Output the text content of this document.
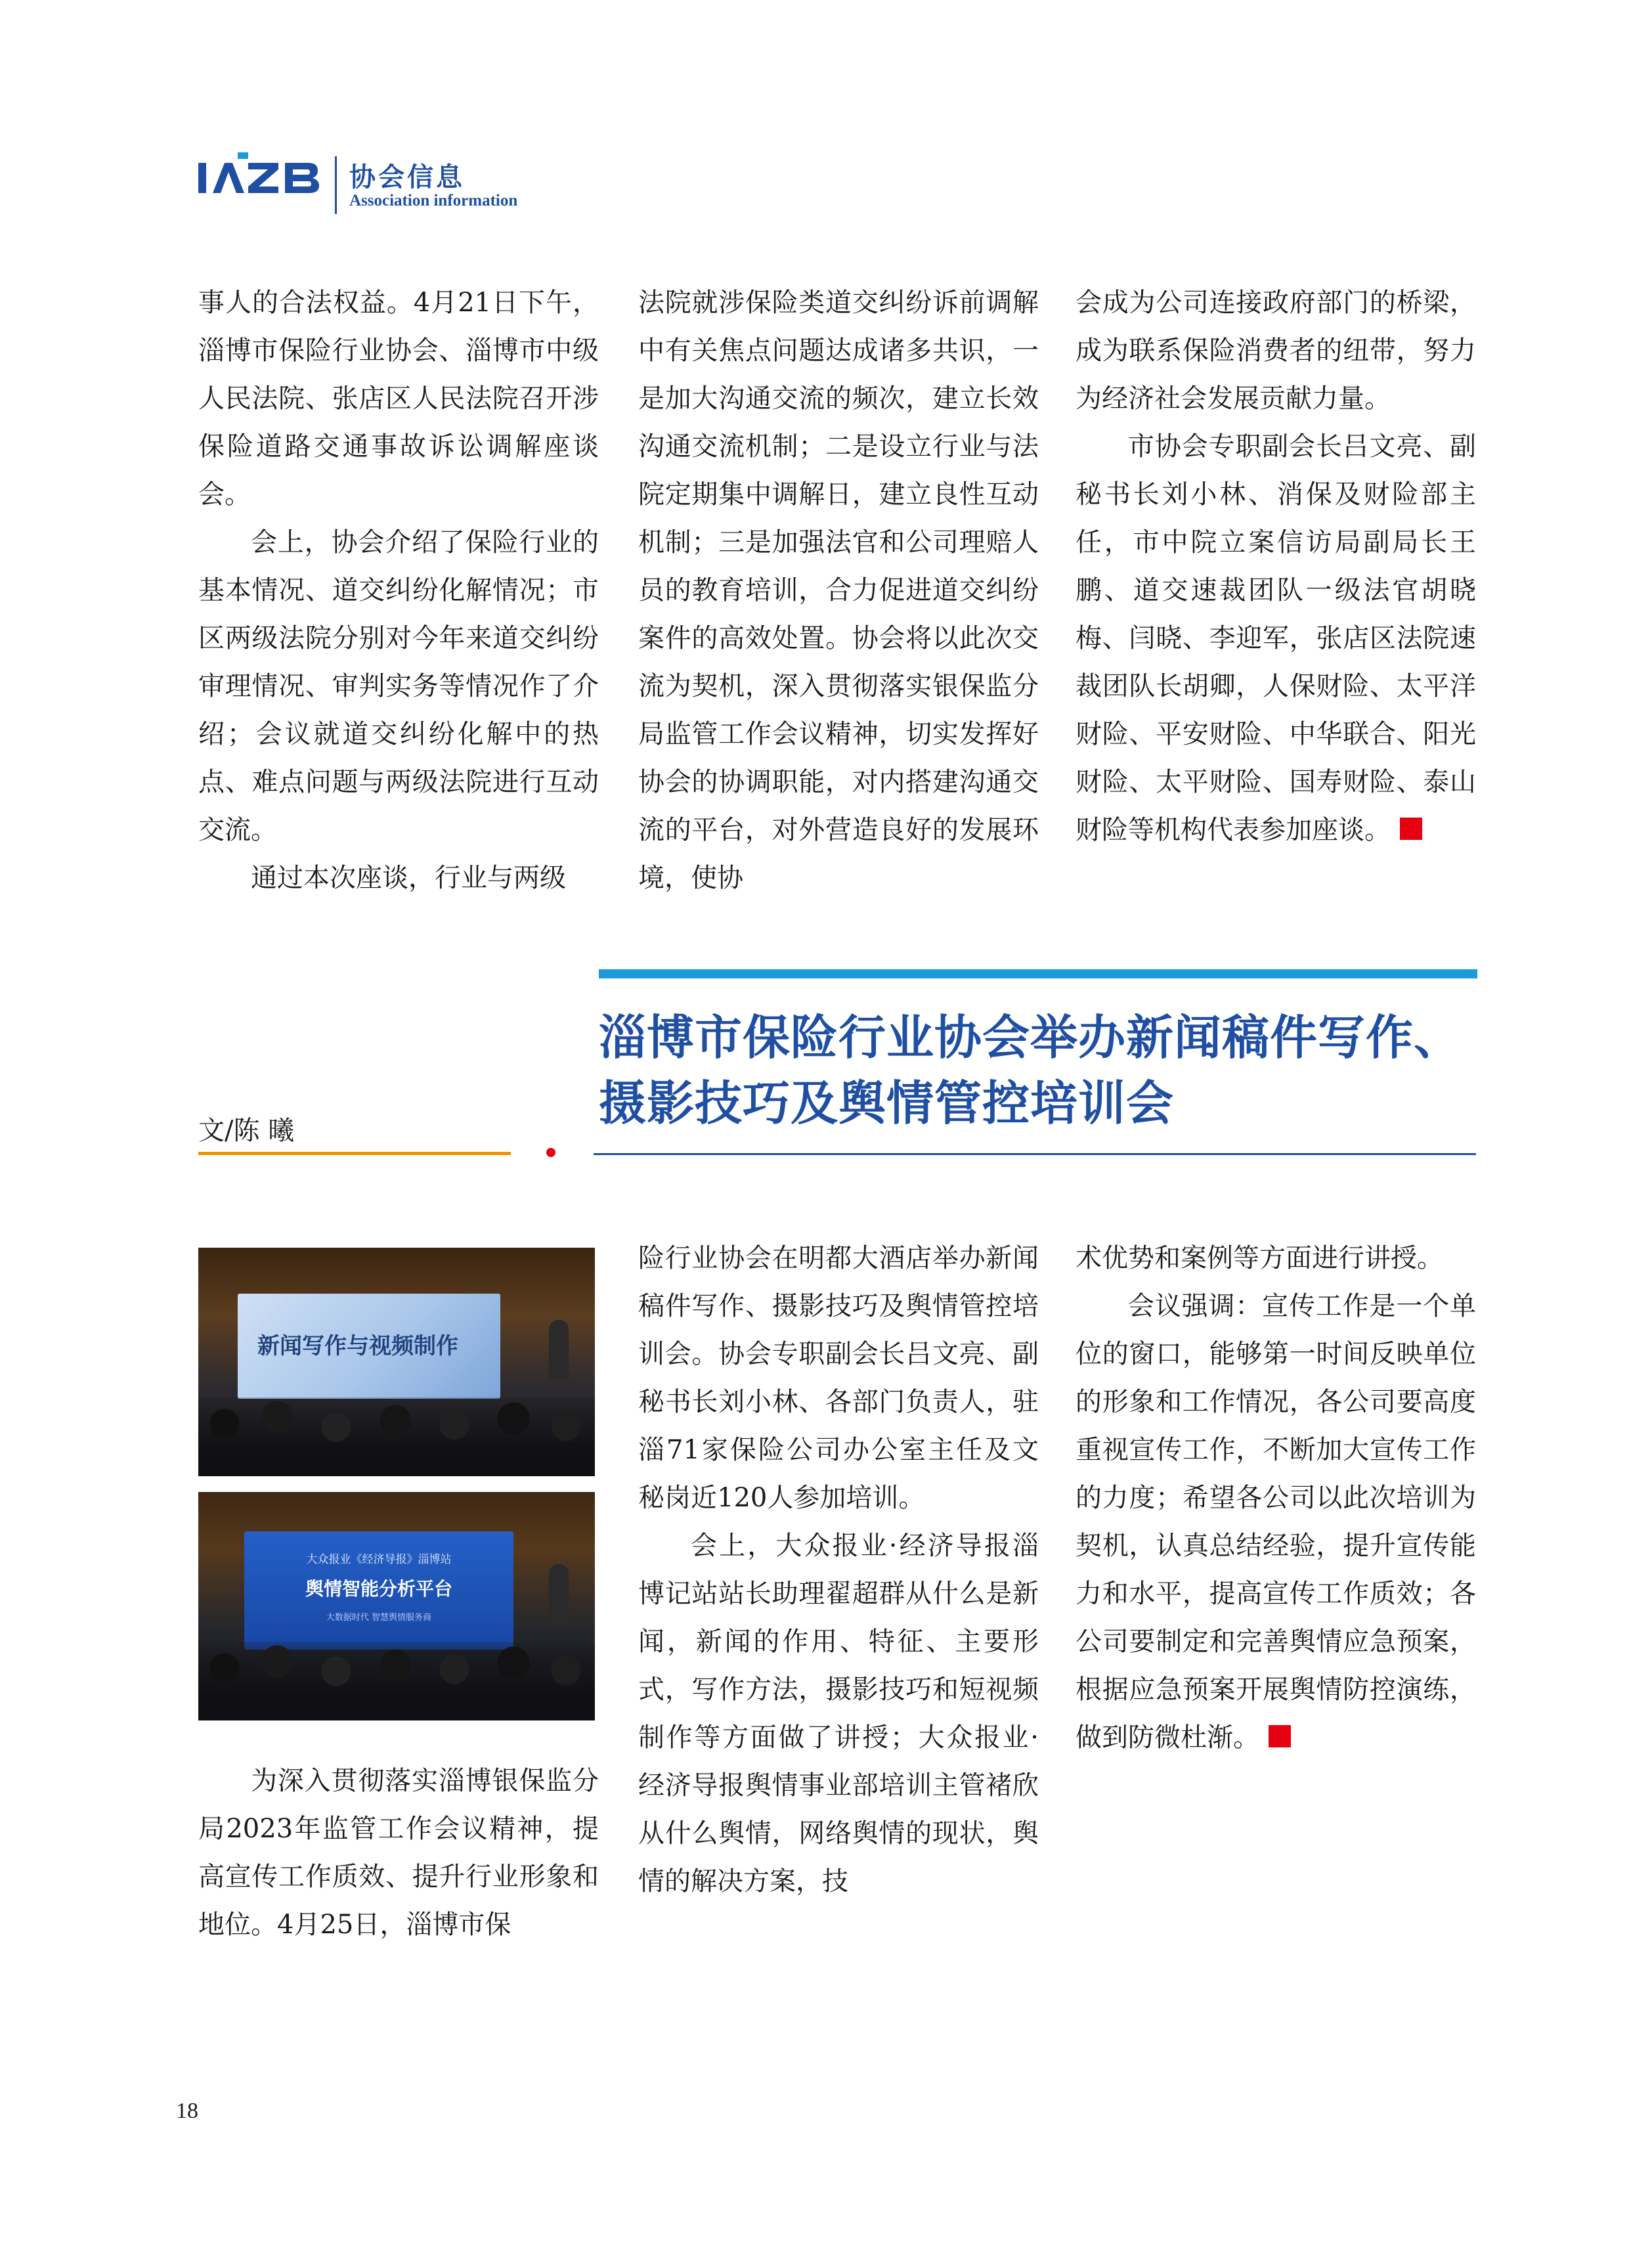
协会信息
Association information

事人的合法权益。4月21日下午，淄博市保险行业协会、淄博市中级人民法院、张店区人民法院召开涉保险道路交通事故诉讼调解座谈会。

会上，协会介绍了保险行业的基本情况、道交纠纷化解情况；市区两级法院分别对今年来道交纠纷审理情况、审判实务等情况作了介绍；会议就道交纠纷化解中的热点、难点问题与两级法院进行互动交流。

通过本次座谈，行业与两级

法院就涉保险类道交纠纷诉前调解中有关焦点问题达成诸多共识，一是加大沟通交流的频次，建立长效沟通交流机制；二是设立行业与法院定期集中调解日，建立良性互动机制；三是加强法官和公司理赔人员的教育培训，合力促进道交纠纷案件的高效处置。协会将以此次交流为契机，深入贯彻落实银保监分局监管工作会议精神，切实发挥好协会的协调职能，对内搭建沟通交流的平台，对外营造良好的发展环境，使协

会成为公司连接政府部门的桥梁，成为联系保险消费者的纽带，努力为经济社会发展贡献力量。

市协会专职副会长吕文亮、副秘书长刘小林、消保及财险部主任，市中院立案信访局副局长王鹏、道交速裁团队一级法官胡晓梅、闫晓、李迎军，张店区法院速裁团队长胡卿，人保财险、太平洋财险、平安财险、中华联合、阳光财险、太平财险、国寿财险、泰山财险等机构代表参加座谈。

淄博市保险行业协会举办新闻稿件写作、
摄影技巧及舆情管控培训会
文/陈 曦
新闻写作与视频制作
大众报业《经济导报》淄博站
舆情智能分析平台
大数据时代 智慧舆情服务商

为深入贯彻落实淄博银保监分局2023年监管工作会议精神，提高宣传工作质效、提升行业形象和地位。4月25日，淄博市保

险行业协会在明都大酒店举办新闻稿件写作、摄影技巧及舆情管控培训会。协会专职副会长吕文亮、副秘书长刘小林、各部门负责人，驻淄71家保险公司办公室主任及文秘岗近120人参加培训。

会上，大众报业·经济导报淄博记站站长助理翟超群从什么是新闻，新闻的作用、特征、主要形式，写作方法，摄影技巧和短视频制作等方面做了讲授；大众报业·经济导报舆情事业部培训主管褚欣从什么舆情，网络舆情的现状，舆情的解决方案，技

术优势和案例等方面进行讲授。

会议强调：宣传工作是一个单位的窗口，能够第一时间反映单位的形象和工作情况，各公司要高度重视宣传工作，不断加大宣传工作的力度；希望各公司以此次培训为契机，认真总结经验，提升宣传能力和水平，提高宣传工作质效；各公司要制定和完善舆情应急预案，根据应急预案开展舆情防控演练，做到防微杜渐。

18
